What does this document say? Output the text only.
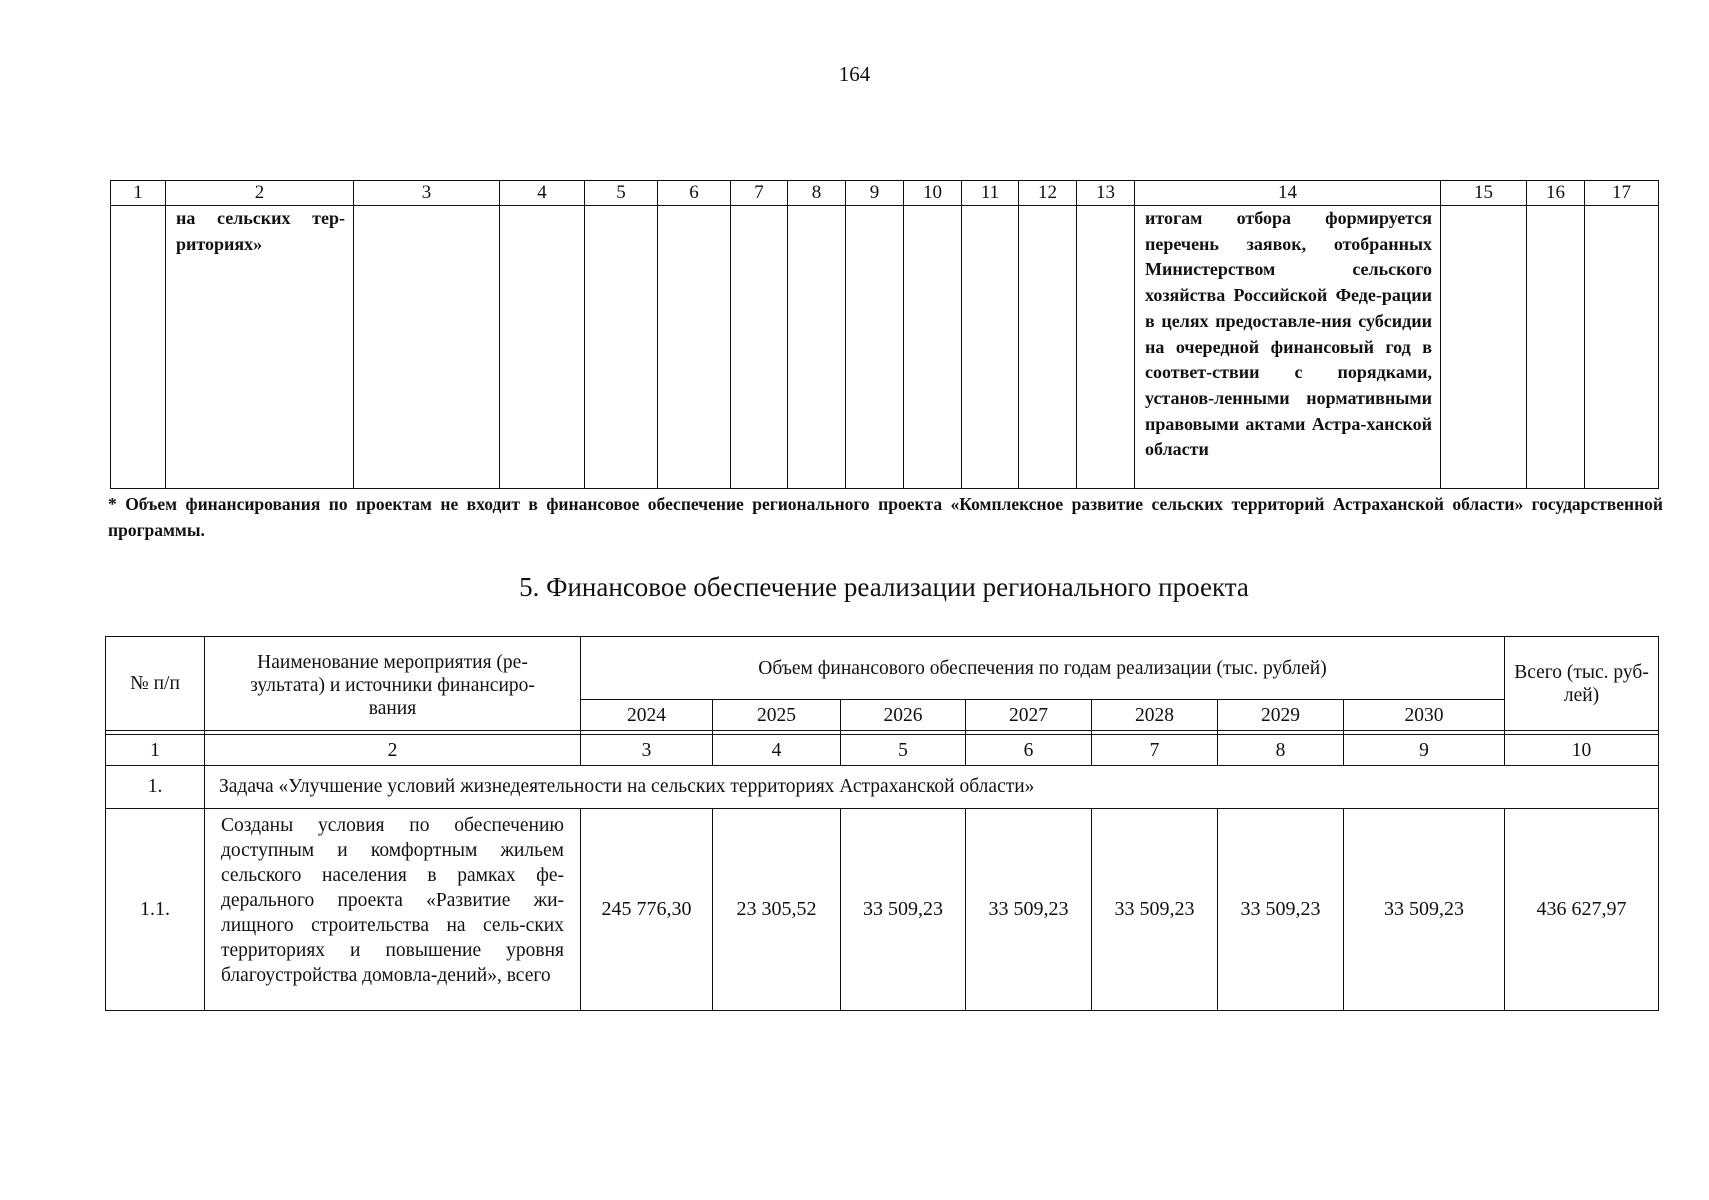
164
1	2	3	4	5	6	7	8	9	10	11	12	13	14	15	16	17
	на сельских тер-риториях»												итогам отбора формируется перечень заявок, отобранных Министерством сельского хозяйства Российской Феде-рации в целях предоставле-ния субсидии на очередной финансовый год в соответ-ствии с порядками, установ-ленными нормативными правовыми актами Астра-ханской области			
* Объем финансирования по проектам не входит в финансовое обеспечение регионального проекта «Комплексное развитие сельских территорий Астраханской области» государственной программы.
5. Финансовое обеспечение реализации регионального проекта
№ п/п	Наименование мероприятия (ре-зультата) и источники финансиро-вания	Объем финансового обеспечения по годам реализации (тыс. рублей)							Всего (тыс. руб-лей)
		2024	2025	2026	2027	2028	2029	2030	

1	2	3	4	5	6	7	8	9	10
1.	Задача «Улучшение условий жизнедеятельности на сельских территориях Астраханской области»								
1.1.	Созданы условия по обеспечению доступным и комфортным жильем сельского населения в рамках фе-дерального проекта «Развитие жи-лищного строительства на сель-ских территориях и повышение уровня благоустройства домовла-дений», всего	245 776,30	23 305,52	33 509,23	33 509,23	33 509,23	33 509,23	33 509,23	436 627,97
